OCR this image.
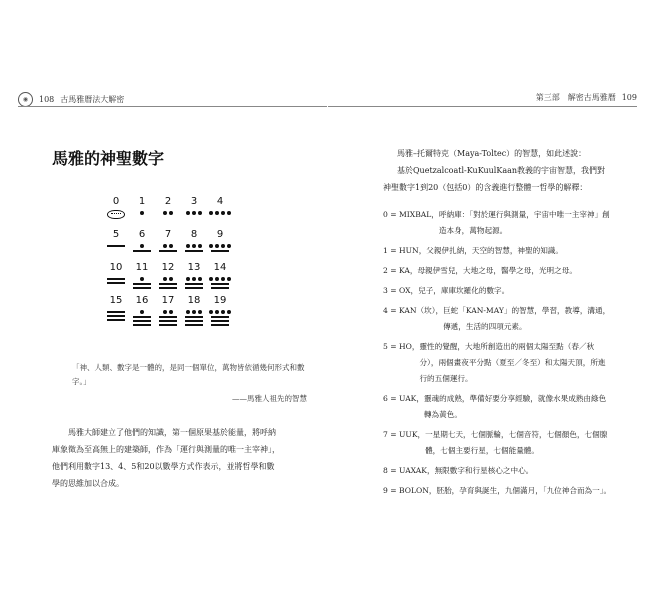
◉	108 古馬雅曆法大解密
馬雅的神聖數字
0 1 2 3 4
5 6 7 8 9
10 11 12 13 14
15 16 17 18 19
「神、人類、數字是一體的，是同一個單位，萬物皆依循幾何形式和數字。」
——馬雅人祖先的智慧
馬雅大師建立了他們的知識，第一個原果基於能量，將呼納庫象徵為至高無上的建築師，作為「運行與測量的唯一主宰神」，他們利用數字13、4、5和20以數學方式作表示，並將哲學和數學的思維加以合成。
第三部　解密古馬雅曆 109

馬雅–托爾特克（Maya-Toltec）的智慧，如此述說：

基於Quetzalcoatl-KuKuulKaan教義的宇宙智慧，我們對神聖數字1到20（包括0）的含義進行整體一哲學的解釋：

0 = MIXBAL， 呼納庫：「對於運行與測量，宇宙中唯一主宰神」創造本身，萬物起源。
1 = HUN， 父親伊扎納，天空的智慧，神聖的知識。
2 = KA， 母親伊雪兒，大地之母，醫學之母，光明之母。
3 = OX， 兒子，庫庫坎羅化的數字。
4 = KAN（坎）， 巨蛇「KAN-MAY」的智慧，學習，教導，溝通，傳遞，生活的四項元素。
5 = HO， 靈性的覺醒，大地所創造出的兩個太陽至點（春／秋分），兩個畫夜平分點（夏至／冬至）和太陽天頂，所進行的五個運行。
6 = UAK， 靈魂的成熟，準備好要分享經驗，就像水果成熟由綠色轉為黃色。
7 = UUK， 一星期七天，七個脈輪，七個音符，七個顏色，七個腺體，七個主要行星，七個能量體。
8 = UAXAK， 無限數字和行星核心之中心。
9 = BOLON， 胚胎，孕育與誕生，九個滿月，「九位神合而為一」。
